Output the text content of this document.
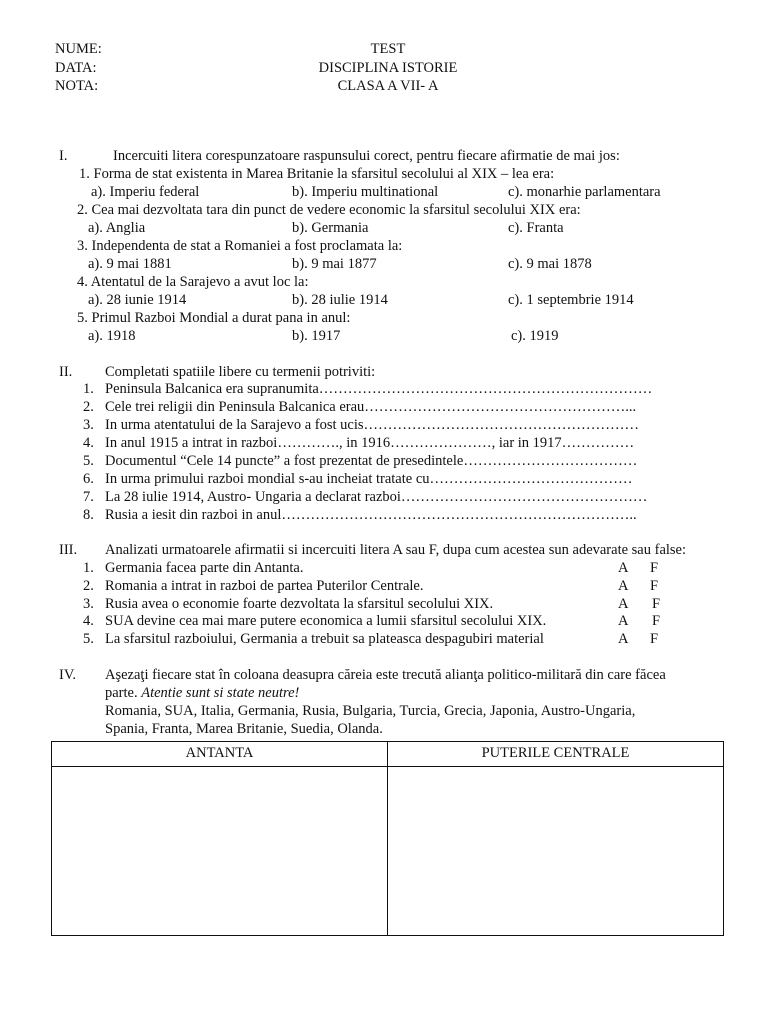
NUME:
DATA:
NOTA:
TEST
DISCIPLINA ISTORIE
CLASA A VII- A
I.	Incercuiti litera corespunzatoare raspunsului corect, pentru fiecare afirmatie de mai jos:
1. Forma de stat existenta in Marea Britanie la sfarsitul secolului al XIX – lea era:
a). Imperiu federal	b). Imperiu multinational	c). monarhie parlamentara
2. Cea mai dezvoltata tara din punct de vedere economic la sfarsitul secolului XIX era:
a). Anglia	b). Germania	c). Franta
3. Independenta de stat a Romaniei a fost proclamata la:
a). 9 mai 1881	b). 9 mai 1877	c). 9 mai 1878
4. Atentatul de la Sarajevo a avut loc la:
a). 28 iunie 1914	b). 28 iulie 1914	c). 1 septembrie 1914
5. Primul Razboi Mondial a durat pana in anul:
a). 1918	b). 1917	c). 1919
II. Completati spatiile libere cu termenii potriviti:
1. Peninsula Balcanica era supranumita……………………………………………………………
2. Cele trei religii din Peninsula Balcanica erau………………………………………………...
3. In urma atentatului de la Sarajevo a fost ucis…………………………………………………
4. In anul 1915 a intrat in razboi…………., in 1916…………………, iar in 1917……………
5. Documentul “Cele 14 puncte” a fost prezentat de presedintele………………………………
6. In urma primului razboi mondial s-au incheiat tratate cu……………………………………
7. La 28 iulie 1914, Austro- Ungaria a declarat razboi……………………………………………
8. Rusia a iesit din razboi in anul………………………………………………………………..
III. Analizati urmatoarele afirmatii si incercuiti litera A sau F, dupa cum acestea sun adevarate sau false:
1. Germania facea parte din Antanta.	A F
2. Romania a intrat in razboi de partea Puterilor Centrale.	A F
3. Rusia avea o economie foarte dezvoltata la sfarsitul secolului XIX.	A F
4. SUA devine cea mai mare putere economica a lumii sfarsitul secolului XIX.	A F
5. La sfarsitul razboiului, Germania a trebuit sa plateasca despagubiri material	A F
IV. Aşezaţi fiecare stat în coloana deasupra căreia este trecută alianţa politico-militară din care făcea
parte. Atentie sunt si state neutre!
Romania, SUA, Italia, Germania, Rusia, Bulgaria, Turcia, Grecia, Japonia, Austro-Ungaria,
Spania, Franta, Marea Britanie, Suedia, Olanda.
ANTANTA	PUTERILE CENTRALE
